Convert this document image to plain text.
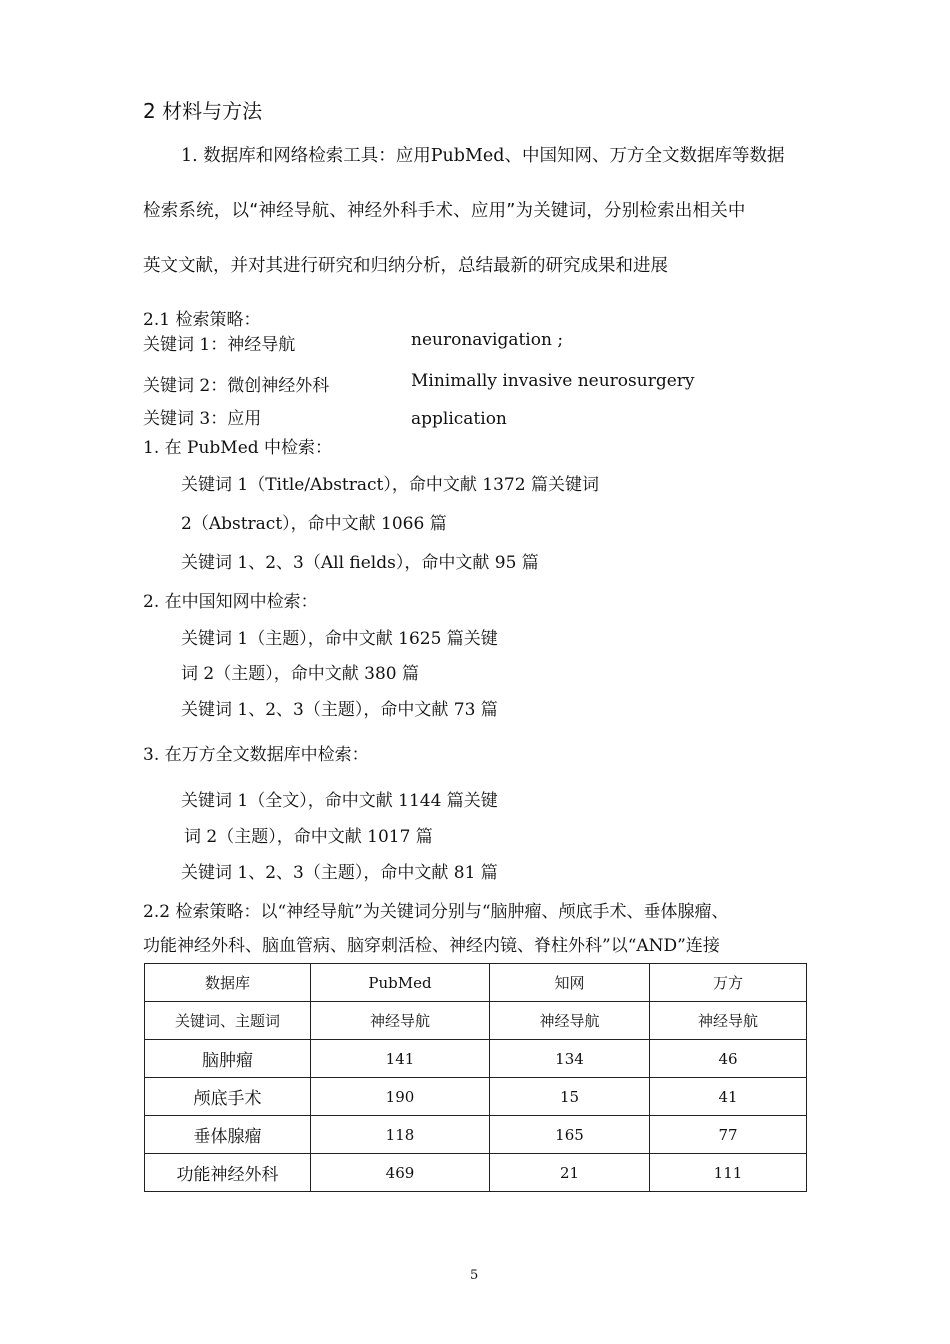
2 材料与方法
1. 数据库和网络检索工具：应用PubMed、中国知网、万方全文数据库等数据
检索系统，以“神经导航、神经外科手术、应用”为关键词，分别检索出相关中
英文文献，并对其进行研究和归纳分析，总结最新的研究成果和进展
2.1 检索策略：
关键词 1：神经导航	neuronavigation ;
关键词 2：微创神经外科	Minimally invasive neurosurgery
关键词 3：应用	application
1. 在 PubMed 中检索：
关键词 1（Title/Abstract），命中文献 1372 篇关键词
2（Abstract），命中文献 1066 篇
关键词 1、2、3（All fields），命中文献 95 篇
2. 在中国知网中检索：
关键词 1（主题），命中文献 1625 篇关键
词 2（主题），命中文献 380 篇
关键词 1、2、3（主题），命中文献 73 篇
3. 在万方全文数据库中检索：
关键词 1（全文），命中文献 1144 篇关键
词 2（主题），命中文献 1017 篇
关键词 1、2、3（主题），命中文献 81 篇
2.2 检索策略：以“神经导航”为关键词分别与“脑肿瘤、颅底手术、垂体腺瘤、
功能神经外科、脑血管病、脑穿刺活检、神经内镜、脊柱外科”以“AND”连接
数据库	PubMed	知网	万方
关键词、主题词	神经导航	神经导航	神经导航
脑肿瘤	141	134	46
颅底手术	190	15	41
垂体腺瘤	118	165	77
功能神经外科	469	21	111
5
